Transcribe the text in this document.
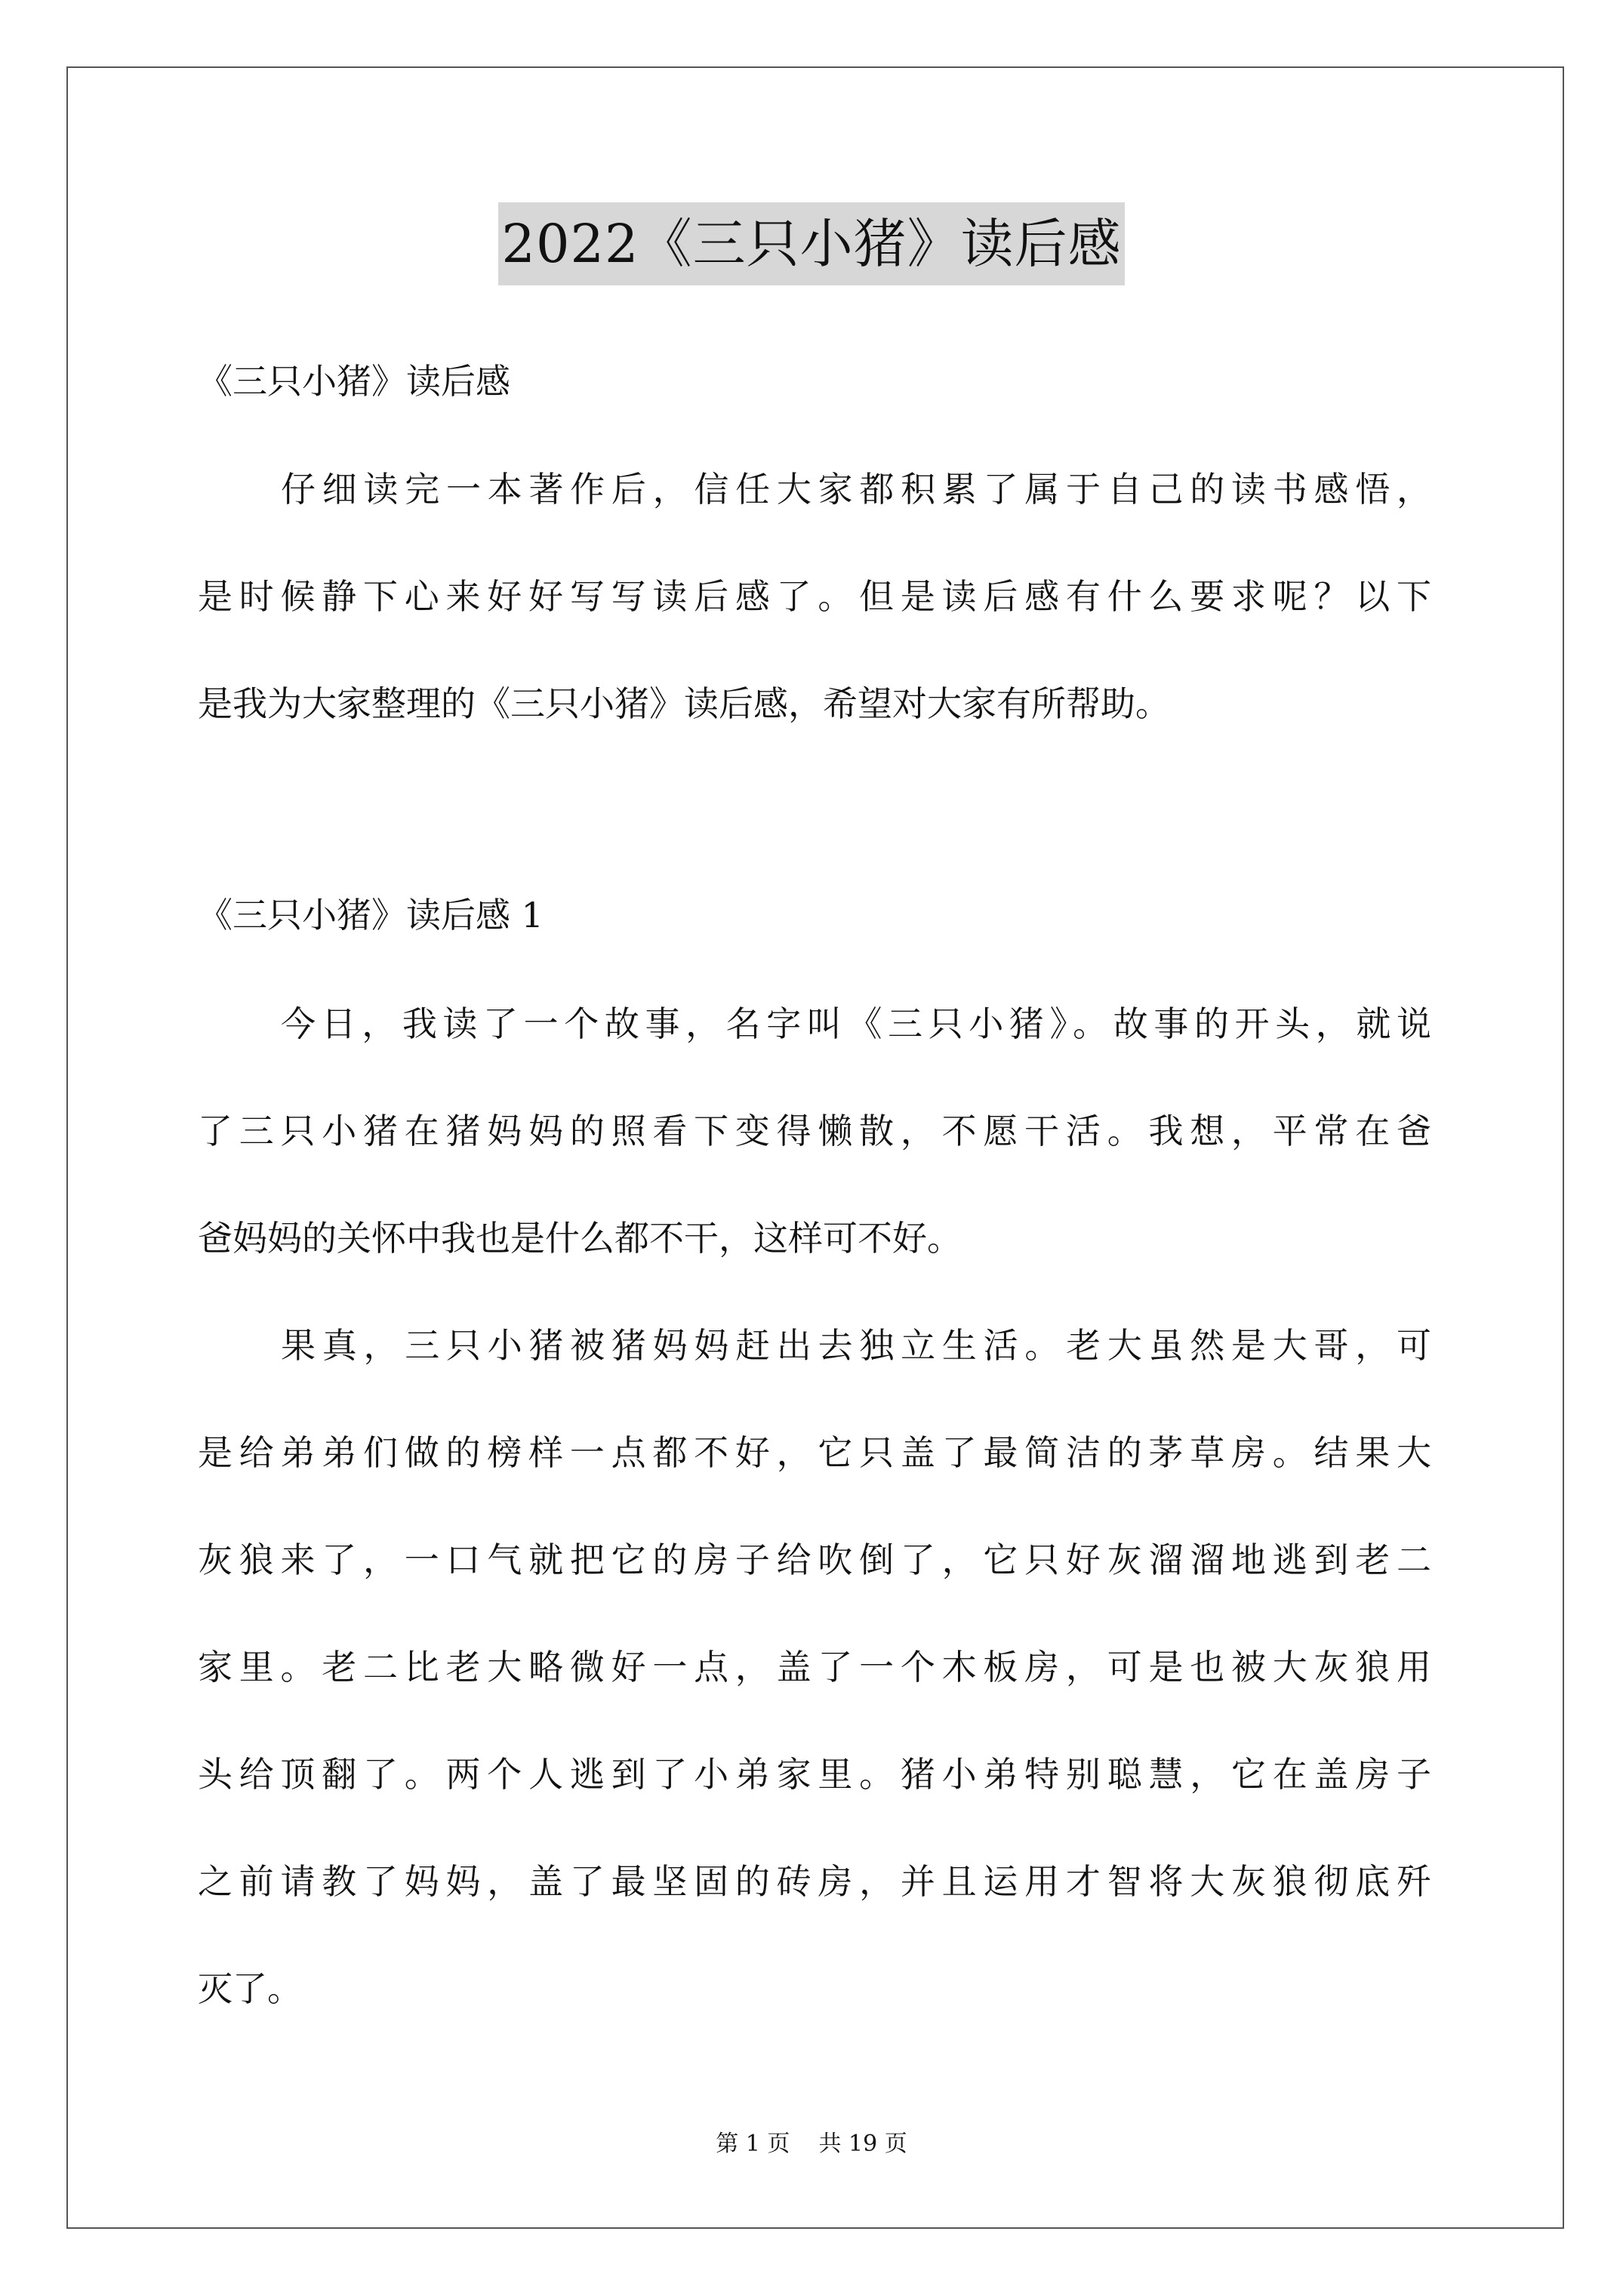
2022《三只小猪》读后感
《三只小猪》读后感
仔细读完一本著作后，信任大家都积累了属于自己的读书感悟，
是时候静下心来好好写写读后感了。但是读后感有什么要求呢？以下
是我为大家整理的《三只小猪》读后感，希望对大家有所帮助。
《三只小猪》读后感 1
今日，我读了一个故事，名字叫《三只小猪》。故事的开头，就说
了三只小猪在猪妈妈的照看下变得懒散，不愿干活。我想，平常在爸
爸妈妈的关怀中我也是什么都不干，这样可不好。
果真，三只小猪被猪妈妈赶出去独立生活。老大虽然是大哥，可
是给弟弟们做的榜样一点都不好，它只盖了最简洁的茅草房。结果大
灰狼来了，一口气就把它的房子给吹倒了，它只好灰溜溜地逃到老二
家里。老二比老大略微好一点，盖了一个木板房，可是也被大灰狼用
头给顶翻了。两个人逃到了小弟家里。猪小弟特别聪慧，它在盖房子
之前请教了妈妈，盖了最坚固的砖房，并且运用才智将大灰狼彻底歼
灭了。
第 1 页    共 19 页
